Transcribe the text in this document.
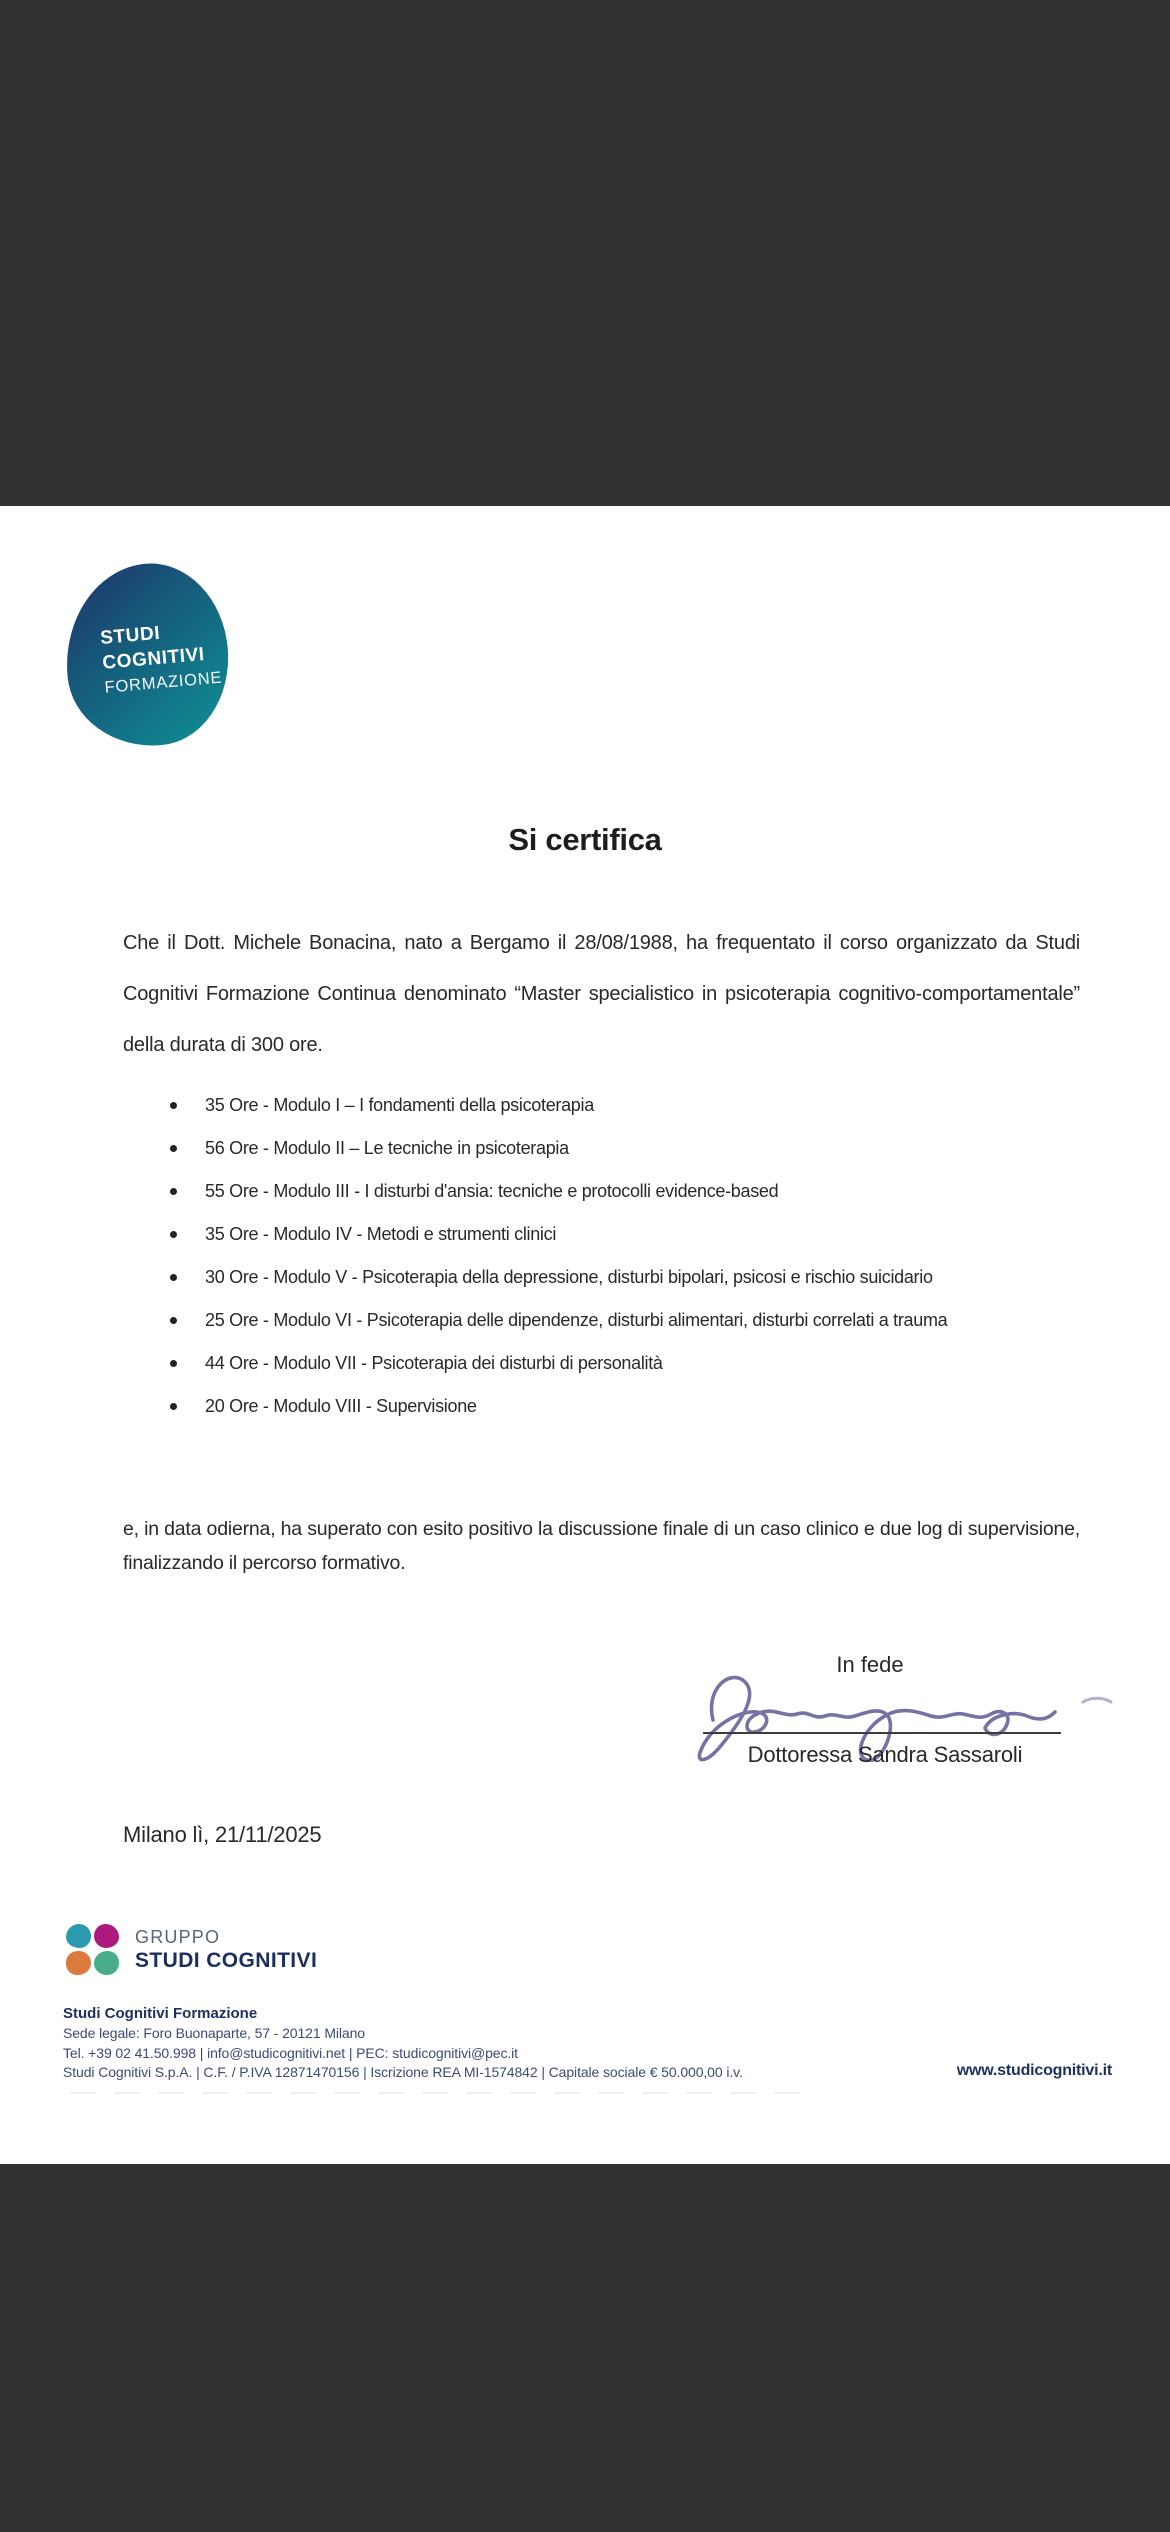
STUDI
COGNITIVI
FORMAZIONE
Si certifica
Che il Dott. Michele Bonacina, nato a Bergamo il 28/08/1988, ha frequentato il corso organizzato da Studi Cognitivi Formazione Continua denominato “Master specialistico in psicoterapia cognitivo-comportamentale” della durata di 300 ore.
35 Ore - Modulo I – I fondamenti della psicoterapia
56 Ore - Modulo II – Le tecniche in psicoterapia
55 Ore - Modulo III - I disturbi d'ansia: tecniche e protocolli evidence-based
35 Ore - Modulo IV - Metodi e strumenti clinici
30 Ore - Modulo V - Psicoterapia della depressione, disturbi bipolari, psicosi e rischio suicidario
25 Ore - Modulo VI - Psicoterapia delle dipendenze, disturbi alimentari, disturbi correlati a trauma
44 Ore - Modulo VII - Psicoterapia dei disturbi di personalità
20 Ore - Modulo VIII - Supervisione
e, in data odierna, ha superato con esito positivo la discussione finale di un caso clinico e due log di supervisione, finalizzando il percorso formativo.
In fede
Dottoressa Sandra Sassaroli
Milano lì, 21/11/2025
GRUPPO
STUDI COGNITIVI
Studi Cognitivi Formazione
Sede legale: Foro Buonaparte, 57 - 20121 Milano
Tel. +39 02 41.50.998 | info@studicognitivi.net | PEC: studicognitivi@pec.it
Studi Cognitivi S.p.A. | C.F. / P.IVA 12871470156 | Iscrizione REA MI-1574842 | Capitale sociale € 50.000,00 i.v.	www.studicognitivi.it
